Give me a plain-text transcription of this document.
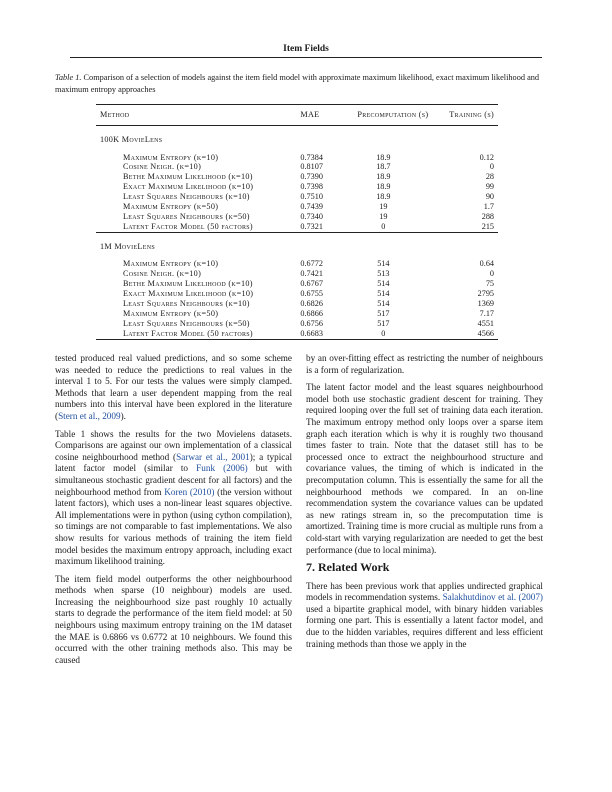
Item Fields
Table 1. Comparison of a selection of models against the item field model with approximate maximum likelihood, exact maximum likelihood and maximum entropy approaches
Method	MAE	Precomputation (s)	Training (s)
100K MovieLens			
Maximum Entropy (k=10)	0.7384	18.9	0.12
Cosine Neigh. (k=10)	0.8107	18.7	0
Bethe Maximum Likelihood (k=10)	0.7390	18.9	28
Exact Maximum Likelihood (k=10)	0.7398	18.9	99
Least Squares Neighbours (k=10)	0.7510	18.9	90
Maximum Entropy (k=50)	0.7439	19	1.7
Least Squares Neighbours (k=50)	0.7340	19	288
Latent Factor Model (50 factors)	0.7321	0	215
1M MovieLens			
Maximum Entropy (k=10)	0.6772	514	0.64
Cosine Neigh. (k=10)	0.7421	513	0
Bethe Maximum Likelihood (k=10)	0.6767	514	75
Exact Maximum Likelihood (k=10)	0.6755	514	2795
Least Squares Neighbours (k=10)	0.6826	514	1369
Maximum Entropy (k=50)	0.6866	517	7.17
Least Squares Neighbours (k=50)	0.6756	517	4551
Latent Factor Model (50 factors)	0.6683	0	4566

tested produced real valued predictions, and so some scheme was needed to reduce the predictions to real values in the interval 1 to 5. For our tests the values were simply clamped. Methods that learn a user dependent mapping from the real numbers into this interval have been explored in the literature (Stern et al., 2009).

Table 1 shows the results for the two Movielens datasets. Comparisons are against our own implementation of a classical cosine neighbourhood method (Sarwar et al., 2001); a typical latent factor model (similar to Funk (2006) but with simultaneous stochastic gradient descent for all factors) and the neighbourhood method from Koren (2010) (the version without latent factors), which uses a non-linear least squares objective. All implementations were in python (using cython compilation), so timings are not comparable to fast implementations. We also show results for various methods of training the item field model besides the maximum entropy approach, including exact maximum likelihood training.

The item field model outperforms the other neighbourhood methods when sparse (10 neighbour) models are used. Increasing the neighbourhood size past roughly 10 actually starts to degrade the performance of the item field model: at 50 neighbours using maximum entropy training on the 1M dataset the MAE is 0.6866 vs 0.6772 at 10 neighbours. We found this occurred with the other training methods also. This may be caused

by an over-fitting effect as restricting the number of neighbours is a form of regularization.

The latent factor model and the least squares neighbourhood model both use stochastic gradient descent for training. They required looping over the full set of training data each iteration. The maximum entropy method only loops over a sparse item graph each iteration which is why it is roughly two thousand times faster to train. Note that the dataset still has to be processed once to extract the neighbourhood structure and covariance values, the timing of which is indicated in the precomputation column. This is essentially the same for all the neighbourhood methods we compared. In an on-line recommendation system the covariance values can be updated as new ratings stream in, so the precomputation time is amortized. Training time is more crucial as multiple runs from a cold-start with varying regularization are needed to get the best performance (due to local minima).

7. Related Work

There has been previous work that applies undirected graphical models in recommendation systems. Salakhutdinov et al. (2007) used a bipartite graphical model, with binary hidden variables forming one part. This is essentially a latent factor model, and due to the hidden variables, requires different and less efficient training methods than those we apply in the
